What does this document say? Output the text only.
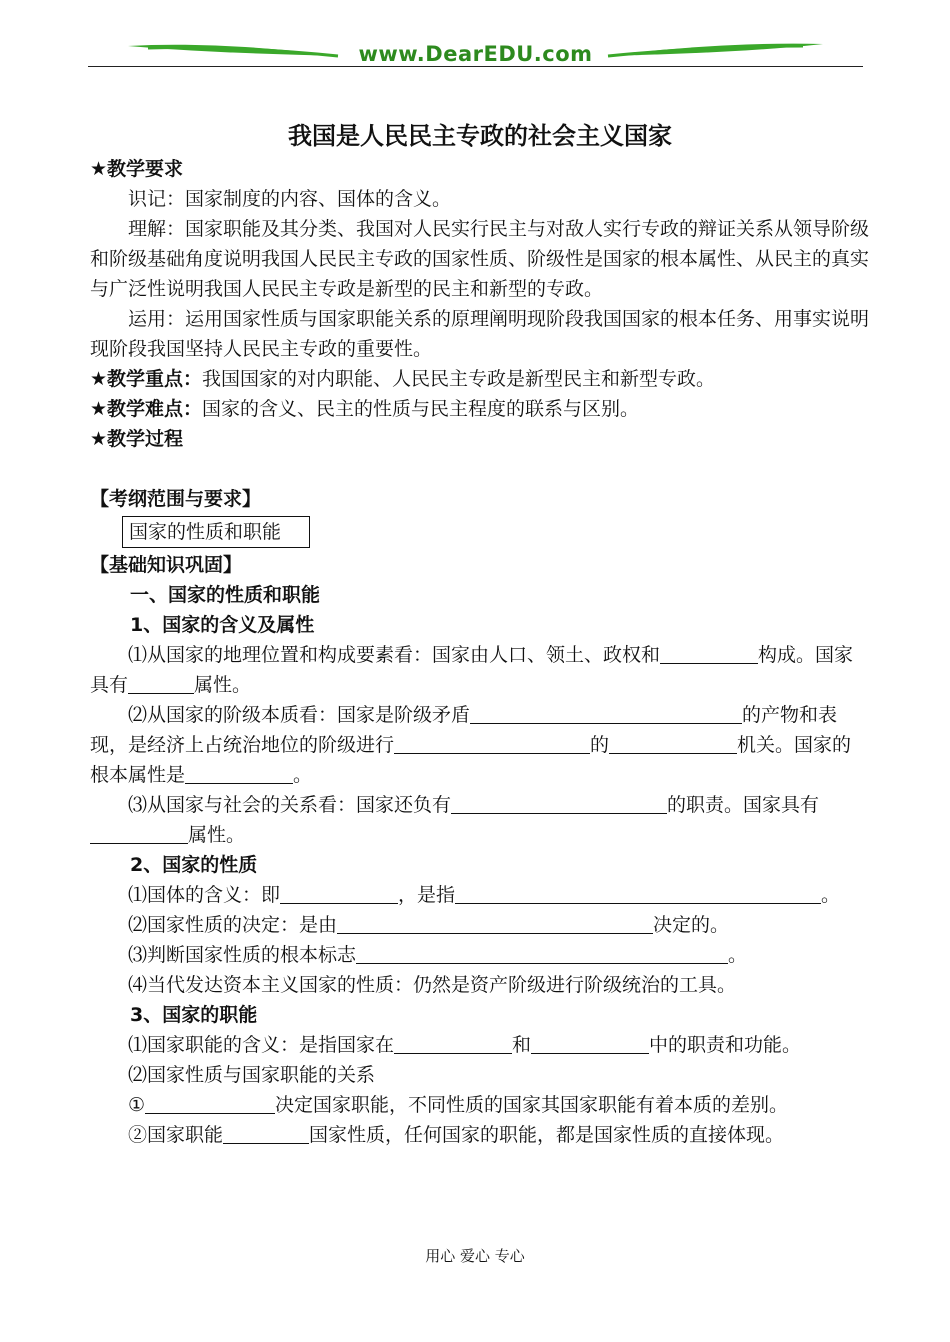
www.DearEDU.com
我国是人民民主专政的社会主义国家

★教学要求

识记：国家制度的内容、国体的含义。

理解：国家职能及其分类、我国对人民实行民主与对敌人实行专政的辩证关系从领导阶级和阶级基础角度说明我国人民民主专政的国家性质、阶级性是国家的根本属性、从民主的真实与广泛性说明我国人民民主专政是新型的民主和新型的专政。

运用：运用国家性质与国家职能关系的原理阐明现阶段我国国家的根本任务、用事实说明现阶段我国坚持人民民主专政的重要性。

★教学重点：我国国家的对内职能、人民民主专政是新型民主和新型专政。

★教学难点：国家的含义、民主的性质与民主程度的联系与区别。

★教学过程

【考纲范围与要求】

国家的性质和职能

【基础知识巩固】

一、国家的性质和职能

1、国家的含义及属性

⑴从国家的地理位置和构成要素看：国家由人口、领土、政权和	构成。国家具有	属性。

⑵从国家的阶级本质看：国家是阶级矛盾	的产物和表现，是经济上占统治地位的阶级进行	的	机关。国家的根本属性是	。

⑶从国家与社会的关系看：国家还负有	的职责。国家具有属性。

2、国家的性质

⑴国体的含义：即	，是指	。

⑵国家性质的决定：是由	决定的。

⑶判断国家性质的根本标志	。

⑷当代发达资本主义国家的性质：仍然是资产阶级进行阶级统治的工具。

3、国家的职能

⑴国家职能的含义：是指国家在	和	中的职责和功能。

⑵国家性质与国家职能的关系

①	决定国家职能，不同性质的国家其国家职能有着本质的差别。

②国家职能	国家性质，任何国家的职能，都是国家性质的直接体现。

用心 爱心 专心
